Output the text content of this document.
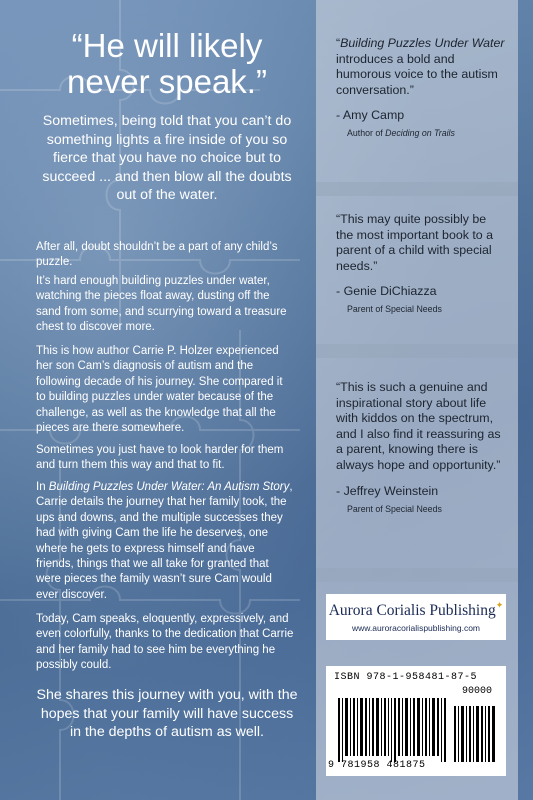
“He will likely never speak.”

Sometimes, being told that you can’t do something lights a fire inside of you so fierce that you have no choice but to succeed ... and then blow all the doubts out of the water.

After all, doubt shouldn’t be a part of any child’s puzzle.

It’s hard enough building puzzles under water, watching the pieces float away, dusting off the sand from some, and scurrying toward a treasure chest to discover more.

This is how author Carrie P. Holzer experienced her son Cam’s diagnosis of autism and the following decade of his journey. She compared it to building puzzles under water because of the challenge, as well as the knowledge that all the pieces are there somewhere.

Sometimes you just have to look harder for them and turn them this way and that to fit.

In Building Puzzles Under Water: An Autism Story, Carrie details the journey that her family took, the ups and downs, and the multiple successes they had with giving Cam the life he deserves, one where he gets to express himself and have friends, things that we all take for granted that were pieces the family wasn’t sure Cam would ever discover.

Today, Cam speaks, eloquently, expressively, and even colorfully, thanks to the dedication that Carrie and her family had to see him be everything he possibly could.

She shares this journey with you, with the hopes that your family will have success in the depths of autism as well.

“Building Puzzles Under Water introduces a bold and humorous voice to the autism conversation.”

- Amy Camp

Author of Deciding on Trails

“This may quite possibly be the most important book to a parent of a child with special needs.”

- Genie DiChiazza

Parent of Special Needs

“This is such a genuine and inspirational story about life with kiddos on the spectrum, and I also find it reassuring as a parent, knowing there is always hope and opportunity.”

- Jeffrey Weinstein

Parent of Special Needs

Aurora Corialis Publishing✦

www.auroracorialispublishing.com

ISBN 978-1-958481-87-5
90000
9 781958 481875
